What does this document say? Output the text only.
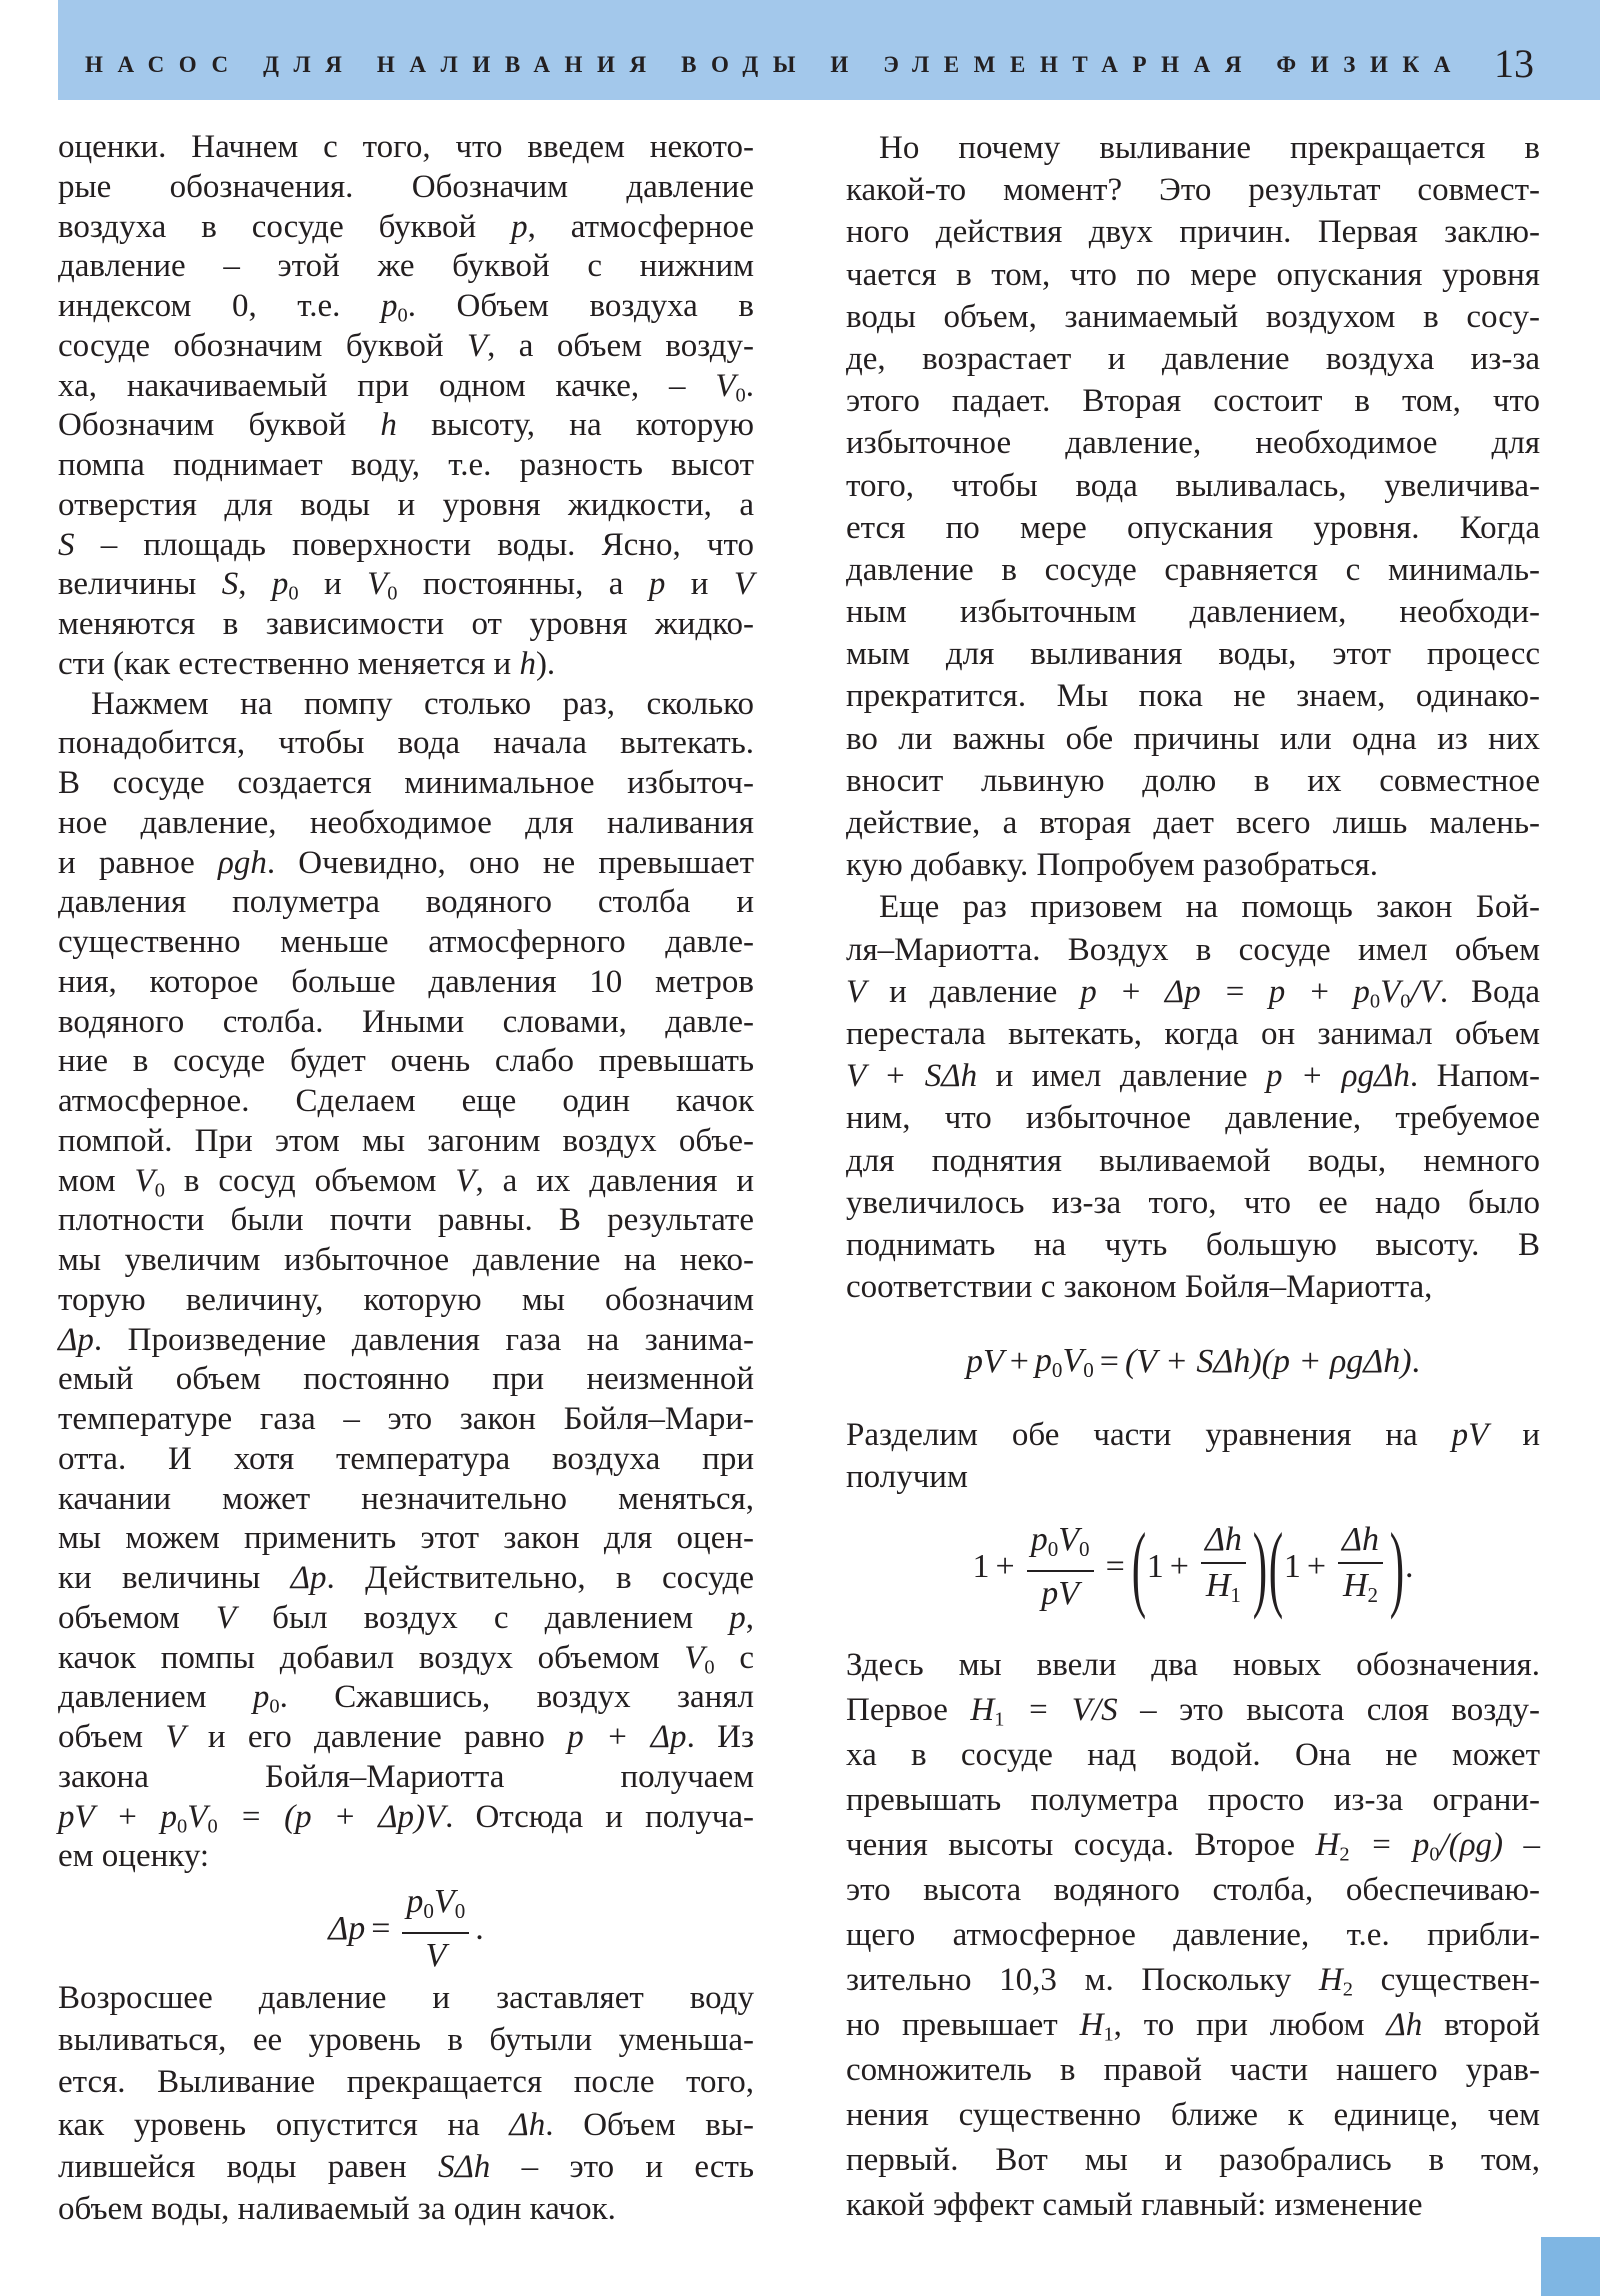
НАСОС ДЛЯ НАЛИВАНИЯ ВОДЫ И ЭЛЕМЕНТАРНАЯ ФИЗИКА 13
оценки. Начнем с того, что введем некото-
рые обозначения. Обозначим давление
воздуха в сосуде буквой p, атмосферное
давление – этой же буквой с нижним
индексом 0, т.е. $p_0$. Объем воздуха в
сосуде обозначим буквой V, а объем возду-
ха, накачиваемый при одном качке, – $V_0$.
Обозначим буквой h высоту, на которую
помпа поднимает воду, т.е. разность высот
отверстия для воды и уровня жидкости, а
S – площадь поверхности воды. Ясно, что
величины S, $p_0$ и $V_0$ постоянны, а p и V
меняются в зависимости от уровня жидко-
сти (как естественно меняется и h).
Нажмем на помпу столько раз, сколько
понадобится, чтобы вода начала вытекать.
В сосуде создается минимальное избыточ-
ное давление, необходимое для наливания
и равное ρgh. Очевидно, оно не превышает
давления полуметра водяного столба и
существенно меньше атмосферного давле-
ния, которое больше давления 10 метров
водяного столба. Иными словами, давле-
ние в сосуде будет очень слабо превышать
атмосферное. Сделаем еще один качок
помпой. При этом мы загоним воздух объе-
мом $V_0$ в сосуд объемом V, а их давления и
плотности были почти равны. В результате
мы увеличим избыточное давление на неко-
торую величину, которую мы обозначим
Δp. Произведение давления газа на занима-
емый объем постоянно при неизменной
температуре газа – это закон Бойля–Мари-
отта. И хотя температура воздуха при
качании может незначительно меняться,
мы можем применить этот закон для оцен-
ки величины Δp. Действительно, в сосуде
объемом V был воздух с давлением p,
качок помпы добавил воздух объемом $V_0$ с
давлением $p_0$. Сжавшись, воздух занял
объем V и его давление равно p + Δp. Из
закона Бойля–Мариотта получаем
pV + $p_0V_0 = (p + \Delta p)V$. Отсюда и получа-
ем оценку:
$\Delta p = \frac{p_0V_0}{V}$ .
Возросшее давление и заставляет воду
выливаться, ее уровень в бутыли уменьша-
ется. Выливание прекращается после того,
как уровень опустится на Δh. Объем вы-
лившейся воды равен SΔh – это и есть
объем воды, наливаемый за один качок.
Но почему выливание прекращается в
какой-то момент? Это результат совмест-
ного действия двух причин. Первая заклю-
чается в том, что по мере опускания уровня
воды объем, занимаемый воздухом в сосу-
де, возрастает и давление воздуха из-за
этого падает. Вторая состоит в том, что
избыточное давление, необходимое для
того, чтобы вода выливалась, увеличива-
ется по мере опускания уровня. Когда
давление в сосуде сравняется с минималь-
ным избыточным давлением, необходи-
мым для выливания воды, этот процесс
прекратится. Мы пока не знаем, одинако-
во ли важны обе причины или одна из них
вносит львиную долю в их совместное
действие, а вторая дает всего лишь малень-
кую добавку. Попробуем разобраться.
Еще раз призовем на помощь закон Бой-
ля–Мариотта. Воздух в сосуде имел объем
V и давление $p + \Delta p = p + p_0V_0/V$. Вода
перестала вытекать, когда он занимал объем
V + SΔh и имел давление p + ρgΔh. Напом-
ним, что избыточное давление, требуемое
для поднятия выливаемой воды, немного
увеличилось из-за того, что ее надо было
поднимать на чуть большую высоту. В
соответствии с законом Бойля–Мариотта,
pV + $p_0$ $V_0 = (V + S\Delta h)(p + \rho g\Delta h)$ .
Разделим обе части уравнения на pV и
получим
$1 + \frac{p_0V_0}{pV}$ = ( $1 + \frac{\Delta h}{H_1}$ ) ( $1 + \frac{\Delta h}{H_2}$ ) .
Здесь мы ввели два новых обозначения.
Первое $H_1 = V/S$ – это высота слоя возду-
ха в сосуде над водой. Она не может
превышать полуметра просто из-за ограни-
чения высоты сосуда. Второе $H_2 = p_0/(\rho g)$ –
это высота водяного столба, обеспечиваю-
щего атмосферное давление, т.е. прибли-
зительно 10,3 м. Поскольку $H_2$ существен-
но превышает $H_1$, то при любом Δh второй
сомножитель в правой части нашего урав-
нения существенно ближе к единице, чем
первый. Вот мы и разобрались в том,
какой эффект самый главный: изменение
